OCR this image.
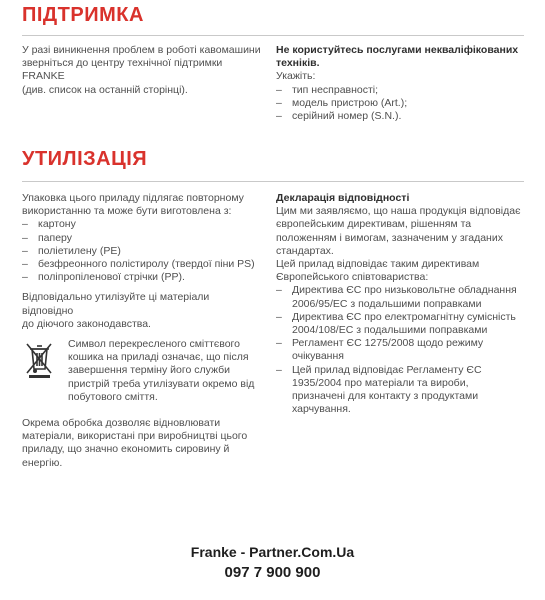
ПІДТРИМКА

У разі виникнення проблем в роботі кавомашини

зверніться до центру технічної підтримки FRANKE

(див. список на останній сторінці).

Не користуйтесь послугами некваліфікованих

техніків.

Укажіть:

– тип несправності;
– модель пристрою (Art.);
– серійний номер (S.N.).
УТИЛІЗАЦІЯ

Упаковка цього приладу підлягає повторному

використанню та може бути виготовлена з:

– картону
– паперу
– поліетилену (PE)
– безфреонного полістиролу (твердої піни PS)
– поліпропіленової стрічки (PP).

Відповідально утилізуйте ці матеріали відповідно

до діючого законодавства.

Символ перекресленого сміттєвого

кошика на приладі означає, що після

завершення терміну його служби

пристрій треба утилізувати окремо від

побутового сміття.

Окрема обробка дозволяє відновлювати

матеріали, використані при виробництві цього

приладу, що значно економить сировину й

енергію.

Декларація відповідності

Цим ми заявляємо, що наша продукція відповідає

європейським директивам, рішенням та

положенням і вимогам, зазначеним у згаданих

стандартах.

Цей прилад відповідає таким директивам

Європейського співтовариства:

– Директива ЄС про низьковольтне обладнання
2006/95/ЕС з подальшими поправками
– Директива ЄС про електромагнітну сумісність
2004/108/ЕС з подальшими поправками
– Регламент ЄС 1275/2008 щодо режиму
очікування
– Цей прилад відповідає Регламенту ЄС
1935/2004 про матеріали та вироби,
призначені для контакту з продуктами
харчування.
Franke - Partner.Com.Ua
097 7 900 900
